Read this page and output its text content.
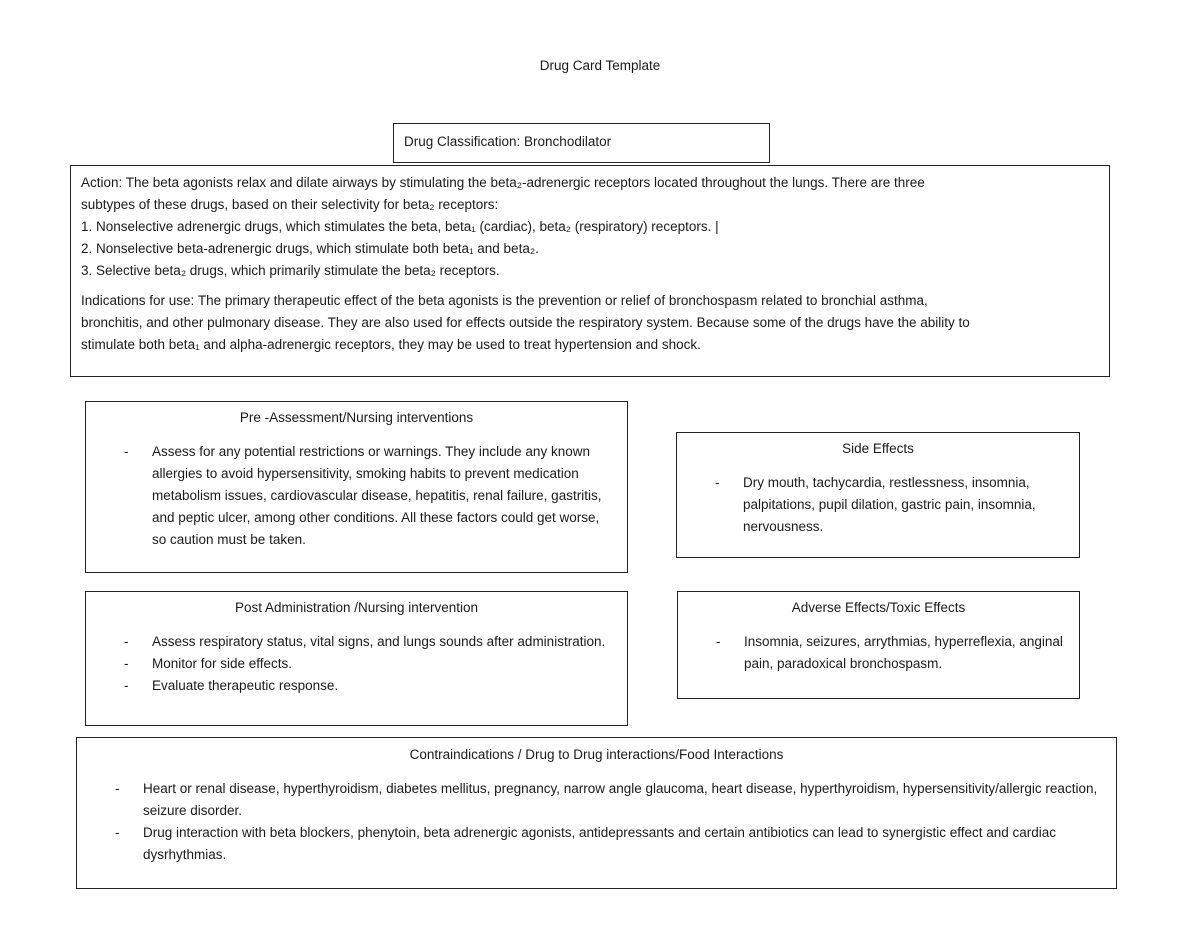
Drug Card Template

Drug Classification: Bronchodilator

Action: The beta agonists relax and dilate airways by stimulating the beta₂-adrenergic receptors located throughout the lungs. There are three

subtypes of these drugs, based on their selectivity for beta₂ receptors:

1. Nonselective adrenergic drugs, which stimulates the beta, beta₁ (cardiac), beta₂ (respiratory) receptors. |

2. Nonselective beta-adrenergic drugs, which stimulate both beta₁ and beta₂.

3. Selective beta₂ drugs, which primarily stimulate the beta₂ receptors.

Indications for use: The primary therapeutic effect of the beta agonists is the prevention or relief of bronchospasm related to bronchial asthma,

bronchitis, and other pulmonary disease. They are also used for effects outside the respiratory system. Because some of the drugs have the ability to

stimulate both beta₁ and alpha-adrenergic receptors, they may be used to treat hypertension and shock.

Pre -Assessment/Nursing interventions

- Assess for any potential restrictions or warnings. They include any known allergies to avoid hypersensitivity, smoking habits to prevent medication metabolism issues, cardiovascular disease, hepatitis, renal failure, gastritis, and peptic ulcer, among other conditions. All these factors could get worse, so caution must be taken.

Side Effects

- Dry mouth, tachycardia, restlessness, insomnia, palpitations, pupil dilation, gastric pain, insomnia, nervousness.

Post Administration /Nursing intervention

- Assess respiratory status, vital signs, and lungs sounds after administration.
- Monitor for side effects.
- Evaluate therapeutic response.

Adverse Effects/Toxic Effects

- Insomnia, seizures, arrythmias, hyperreflexia, anginal pain, paradoxical bronchospasm.

Contraindications / Drug to Drug interactions/Food Interactions

- Heart or renal disease, hyperthyroidism, diabetes mellitus, pregnancy, narrow angle glaucoma, heart disease, hyperthyroidism, hypersensitivity/allergic reaction, seizure disorder.
- Drug interaction with beta blockers, phenytoin, beta adrenergic agonists, antidepressants and certain antibiotics can lead to synergistic effect and cardiac dysrhythmias.
